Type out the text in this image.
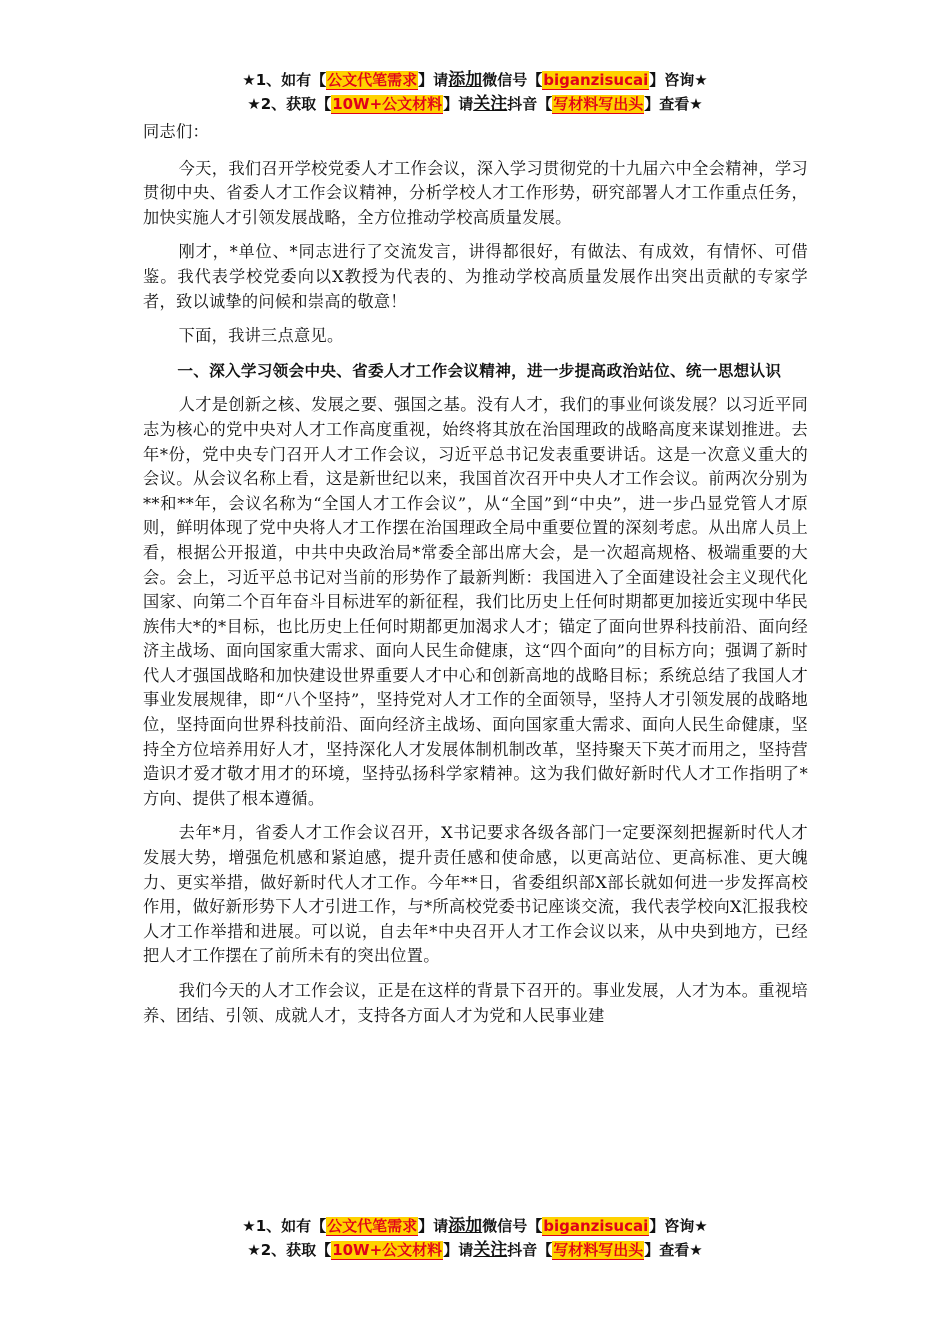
★1、如有【公文代笔需求】请添加微信号【biganzisucai】咨询★
★2、获取【10W+公文材料】请关注抖音【写材料写出头】查看★

同志们：

今天，我们召开学校党委人才工作会议，深入学习贯彻党的十九届六中全会精神，学习贯彻中央、省委人才工作会议精神，分析学校人才工作形势，研究部署人才工作重点任务，加快实施人才引领发展战略，全方位推动学校高质量发展。

刚才，*单位、*同志进行了交流发言，讲得都很好，有做法、有成效，有情怀、可借鉴。我代表学校党委向以X教授为代表的、为推动学校高质量发展作出突出贡献的专家学者，致以诚挚的问候和崇高的敬意！

下面，我讲三点意见。

一、深入学习领会中央、省委人才工作会议精神，进一步提高政治站位、统一思想认识

人才是创新之核、发展之要、强国之基。没有人才，我们的事业何谈发展？以习近平同志为核心的党中央对人才工作高度重视，始终将其放在治国理政的战略高度来谋划推进。去年*份，党中央专门召开人才工作会议，习近平总书记发表重要讲话。这是一次意义重大的会议。从会议名称上看，这是新世纪以来，我国首次召开中央人才工作会议。前两次分别为**和**年，会议名称为“全国人才工作会议”，从“全国”到“中央”，进一步凸显党管人才原则，鲜明体现了党中央将人才工作摆在治国理政全局中重要位置的深刻考虑。从出席人员上看，根据公开报道，中共中央政治局*常委全部出席大会，是一次超高规格、极端重要的大会。会上，习近平总书记对当前的形势作了最新判断：我国进入了全面建设社会主义现代化国家、向第二个百年奋斗目标进军的新征程，我们比历史上任何时期都更加接近实现中华民族伟大*的*目标，也比历史上任何时期都更加渴求人才；锚定了面向世界科技前沿、面向经济主战场、面向国家重大需求、面向人民生命健康，这“四个面向”的目标方向；强调了新时代人才强国战略和加快建设世界重要人才中心和创新高地的战略目标；系统总结了我国人才事业发展规律，即“八个坚持”，坚持党对人才工作的全面领导，坚持人才引领发展的战略地位，坚持面向世界科技前沿、面向经济主战场、面向国家重大需求、面向人民生命健康，坚持全方位培养用好人才，坚持深化人才发展体制机制改革，坚持聚天下英才而用之，坚持营造识才爱才敬才用才的环境，坚持弘扬科学家精神。这为我们做好新时代人才工作指明了*方向、提供了根本遵循。

去年*月，省委人才工作会议召开，X书记要求各级各部门一定要深刻把握新时代人才发展大势，增强危机感和紧迫感，提升责任感和使命感，以更高站位、更高标准、更大魄力、更实举措，做好新时代人才工作。今年**日，省委组织部X部长就如何进一步发挥高校作用，做好新形势下人才引进工作，与*所高校党委书记座谈交流，我代表学校向X汇报我校人才工作举措和进展。可以说，自去年*中央召开人才工作会议以来，从中央到地方，已经把人才工作摆在了前所未有的突出位置。

我们今天的人才工作会议，正是在这样的背景下召开的。事业发展，人才为本。重视培养、团结、引领、成就人才，支持各方面人才为党和人民事业建

★1、如有【公文代笔需求】请添加微信号【biganzisucai】咨询★
★2、获取【10W+公文材料】请关注抖音【写材料写出头】查看★
